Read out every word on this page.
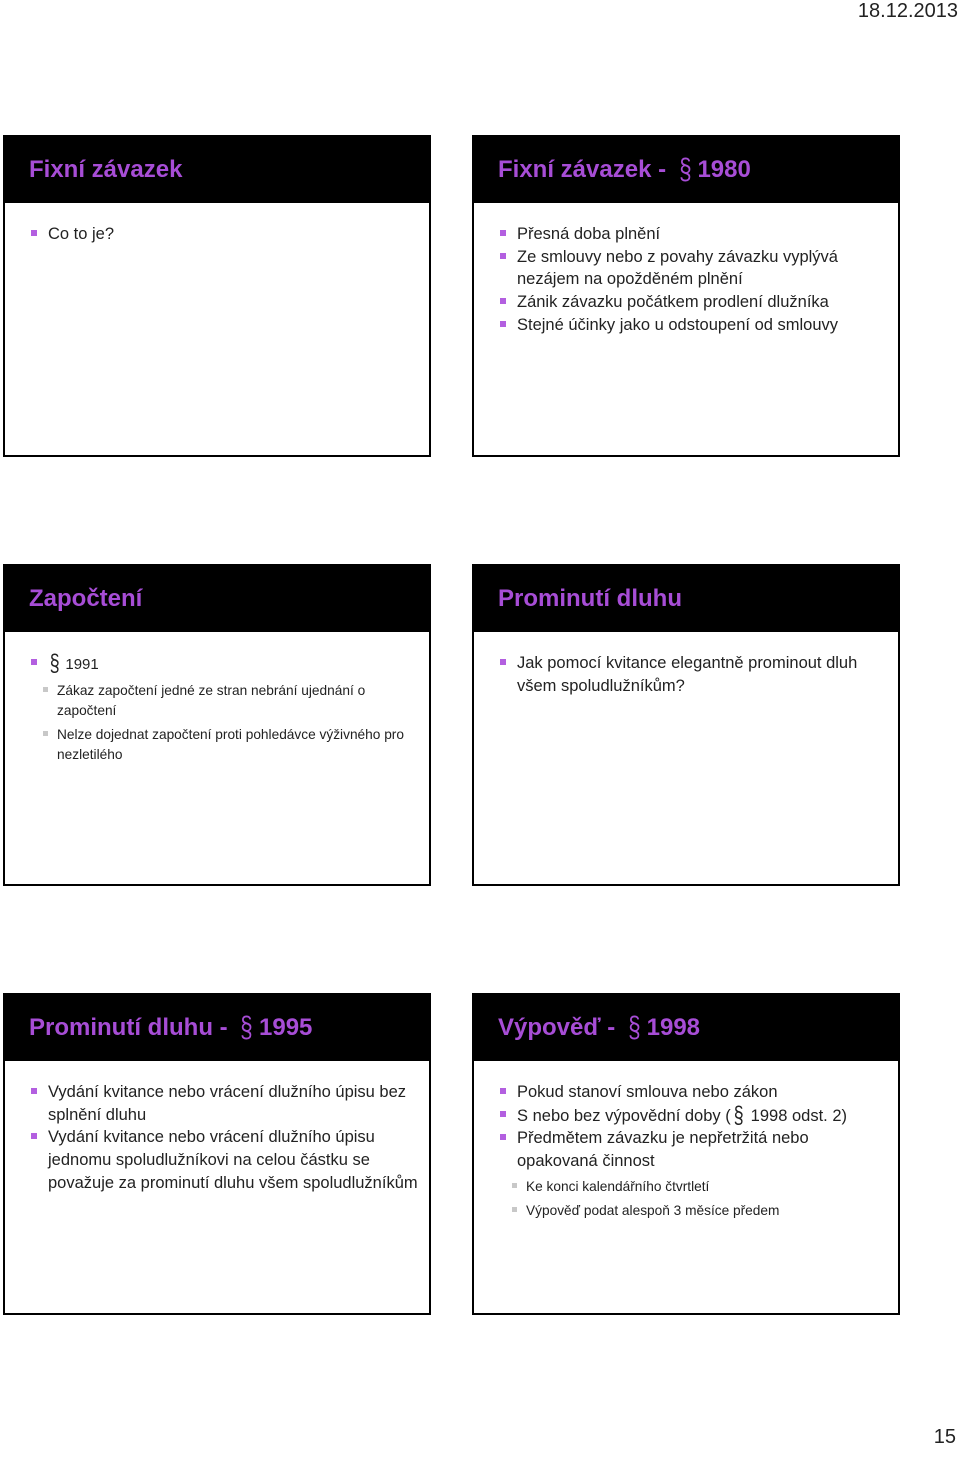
18.12.2013
Fixní závazek
Co to je?
Fixní závazek - § 1980
Přesná doba plnění
Ze smlouvy nebo z povahy závazku vyplývá nezájem na opožděném plnění
Zánik závazku počátkem prodlení dlužníka
Stejné účinky jako u odstoupení od smlouvy
Započtení
§ 1991
Zákaz započtení jedné ze stran nebrání ujednání o započtení
Nelze dojednat započtení proti pohledávce výživného pro nezletilého
Prominutí dluhu
Jak pomocí kvitance elegantně prominout dluh všem spoludlužníkům?
Prominutí dluhu - § 1995
Vydání kvitance nebo vrácení dlužního úpisu bez splnění dluhu
Vydání kvitance nebo vrácení dlužního úpisu jednomu spoludlužníkovi na celou částku se považuje za prominutí dluhu všem spoludlužníkům
Výpověď - § 1998
Pokud stanoví smlouva nebo zákon
S nebo bez výpovědní doby ( § 1998 odst. 2)
Předmětem závazku je nepřetržitá nebo opakovaná činnost
Ke konci kalendářního čtvrtletí
Výpověď podat alespoň 3 měsíce předem
15
